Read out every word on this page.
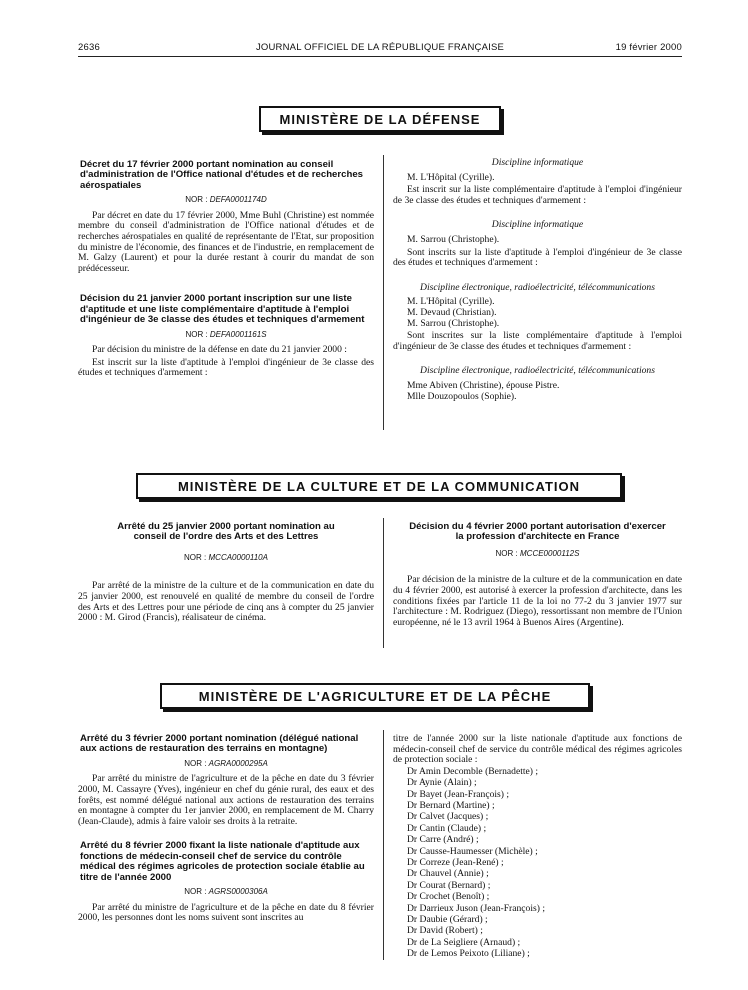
2636	JOURNAL OFFICIEL DE LA RÉPUBLIQUE FRANÇAISE	19 février 2000
MINISTÈRE DE LA DÉFENSE
Décret du 17 février 2000 portant nomination au conseil d'administration de l'Office national d'études et de recherches aérospatiales
NOR : DEFA0001174D

Par décret en date du 17 février 2000, Mme Buhl (Christine) est nommée membre du conseil d'administration de l'Office national d'études et de recherches aérospatiales en qualité de représentante de l'Etat, sur proposition du ministre de l'économie, des finances et de l'industrie, en remplacement de M. Galzy (Laurent) et pour la durée restant à courir du mandat de son prédécesseur.

Décision du 21 janvier 2000 portant inscription sur une liste d'aptitude et une liste complémentaire d'aptitude à l'emploi d'ingénieur de 3e classe des études et techniques d'armement
NOR : DEFA0001161S

Par décision du ministre de la défense en date du 21 janvier 2000 :

Est inscrit sur la liste d'aptitude à l'emploi d'ingénieur de 3e classe des études et techniques d'armement :

Discipline informatique

M. L'Hôpital (Cyrille).

Est inscrit sur la liste complémentaire d'aptitude à l'emploi d'ingénieur de 3e classe des études et techniques d'armement :

Discipline informatique

M. Sarrou (Christophe).

Sont inscrits sur la liste d'aptitude à l'emploi d'ingénieur de 3e classe des études et techniques d'armement :

Discipline électronique, radioélectricité, télécommunications

M. L'Hôpital (Cyrille).

M. Devaud (Christian).

M. Sarrou (Christophe).

Sont inscrites sur la liste complémentaire d'aptitude à l'emploi d'ingénieur de 3e classe des études et techniques d'armement :

Discipline électronique, radioélectricité, télécommunications

Mme Abiven (Christine), épouse Pistre.

Mlle Douzopoulos (Sophie).

MINISTÈRE DE LA CULTURE ET DE LA COMMUNICATION
Arrêté du 25 janvier 2000 portant nomination au conseil de l'ordre des Arts et des Lettres
NOR : MCCA0000110A

Par arrêté de la ministre de la culture et de la communication en date du 25 janvier 2000, est renouvelé en qualité de membre du conseil de l'ordre des Arts et des Lettres pour une période de cinq ans à compter du 25 janvier 2000 : M. Girod (Francis), réalisateur de cinéma.

Décision du 4 février 2000 portant autorisation d'exercer la profession d'architecte en France
NOR : MCCE0000112S

Par décision de la ministre de la culture et de la communication en date du 4 février 2000, est autorisé à exercer la profession d'architecte, dans les conditions fixées par l'article 11 de la loi no 77-2 du 3 janvier 1977 sur l'architecture : M. Rodriguez (Diego), ressortissant non membre de l'Union européenne, né le 13 avril 1964 à Buenos Aires (Argentine).

MINISTÈRE DE L'AGRICULTURE ET DE LA PÊCHE
Arrêté du 3 février 2000 portant nomination (délégué national aux actions de restauration des terrains en montagne)
NOR : AGRA0000295A

Par arrêté du ministre de l'agriculture et de la pêche en date du 3 février 2000, M. Cassayre (Yves), ingénieur en chef du génie rural, des eaux et des forêts, est nommé délégué national aux actions de restauration des terrains en montagne à compter du 1er janvier 2000, en remplacement de M. Charry (Jean-Claude), admis à faire valoir ses droits à la retraite.

Arrêté du 8 février 2000 fixant la liste nationale d'aptitude aux fonctions de médecin-conseil chef de service du contrôle médical des régimes agricoles de protection sociale établie au titre de l'année 2000
NOR : AGRS0000306A

Par arrêté du ministre de l'agriculture et de la pêche en date du 8 février 2000, les personnes dont les noms suivent sont inscrites au

titre de l'année 2000 sur la liste nationale d'aptitude aux fonctions de médecin-conseil chef de service du contrôle médical des régimes agricoles de protection sociale :

Dr Amin Decomble (Bernadette) ;
Dr Aynie (Alain) ;
Dr Bayet (Jean-François) ;
Dr Bernard (Martine) ;
Dr Calvet (Jacques) ;
Dr Cantin (Claude) ;
Dr Carre (André) ;
Dr Causse-Haumesser (Michèle) ;
Dr Correze (Jean-René) ;
Dr Chauvel (Annie) ;
Dr Courat (Bernard) ;
Dr Crochet (Benoît) ;
Dr Darrieux Juson (Jean-François) ;
Dr Daubie (Gérard) ;
Dr David (Robert) ;
Dr de La Seigliere (Arnaud) ;
Dr de Lemos Peixoto (Liliane) ;
